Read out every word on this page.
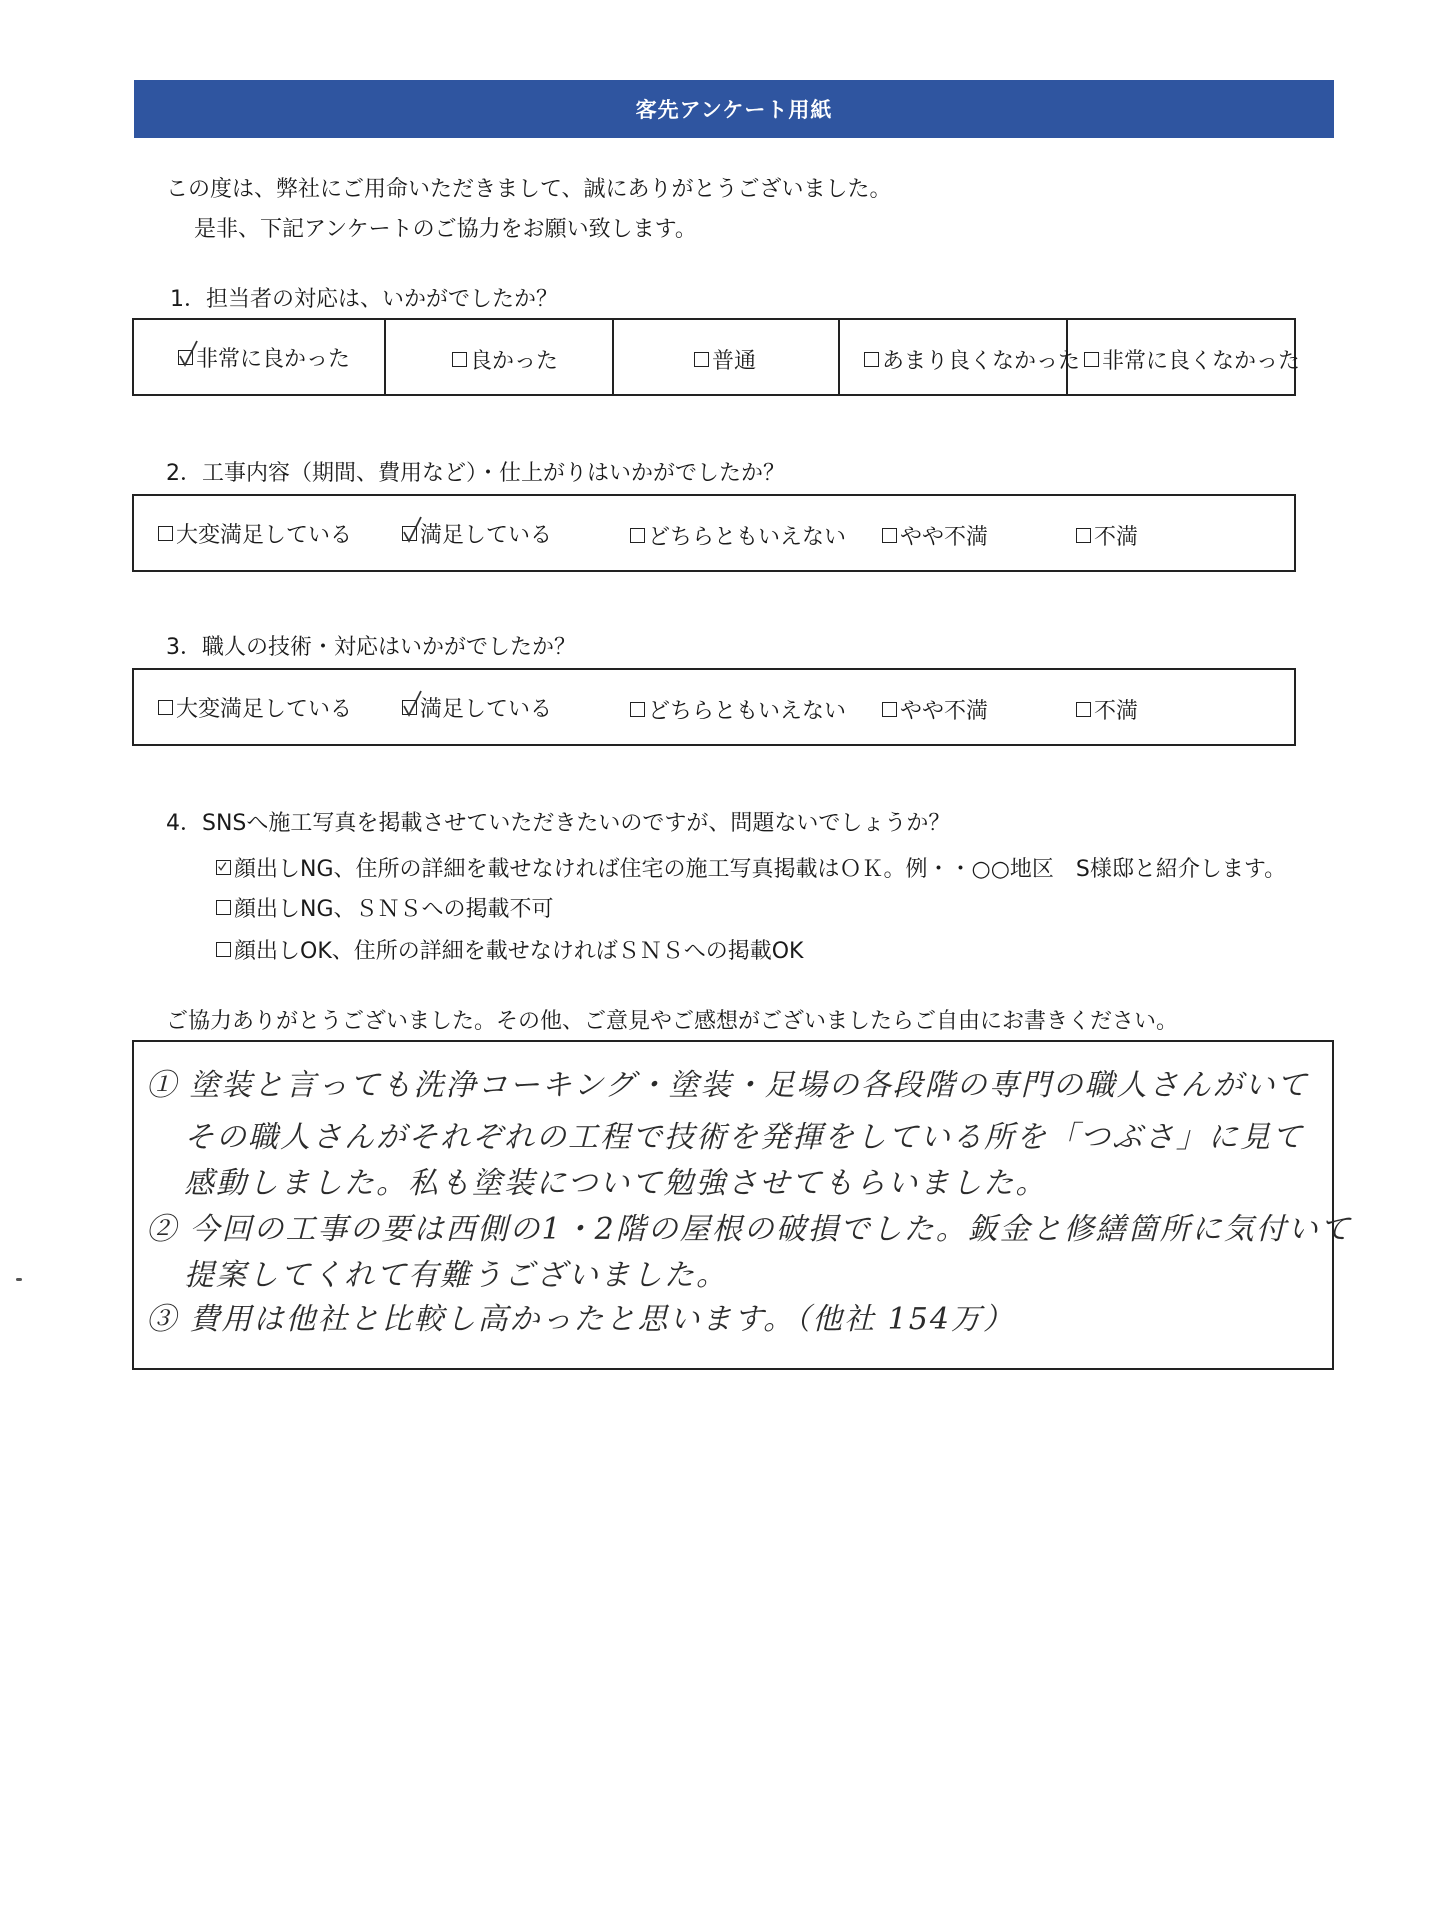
客先アンケート用紙
この度は、弊社にご用命いただきまして、誠にありがとうございました。
是非、下記アンケートのご協力をお願い致します。
1．担当者の対応は、いかがでしたか？
非常に良かった	良かった	普通	あまり良くなかった 非常に良くなかった
2．工事内容（期間、費用など）・仕上がりはいかがでしたか？
大変満足している	満足している	どちらともいえない やや不満	不満
3．職人の技術・対応はいかがでしたか？
大変満足している	満足している	どちらともいえない やや不満	不満
4．SNSへ施工写真を掲載させていただきたいのですが、問題ないでしょうか？
顔出しNG、住所の詳細を載せなければ住宅の施工写真掲載はＯＫ。例・・○○地区　S様邸と紹介します。
顔出しNG、ＳＮＳへの掲載不可
顔出しOK、住所の詳細を載せなければＳＮＳへの掲載OK
ご協力ありがとうございました。その他、ご意見やご感想がございましたらご自由にお書きください。
① 塗装と言っても洗浄コーキング・塗装・足場の各段階の専門の職人さんがいて
その職人さんがそれぞれの工程で技術を発揮をしている所を「つぶさ」に見て
感動しました。私も塗装について勉強させてもらいました。
② 今回の工事の要は西側の1・2階の屋根の破損でした。鈑金と修繕箇所に気付いて
提案してくれて有難うございました。
③ 費用は他社と比較し高かったと思います。（他社 154万）
